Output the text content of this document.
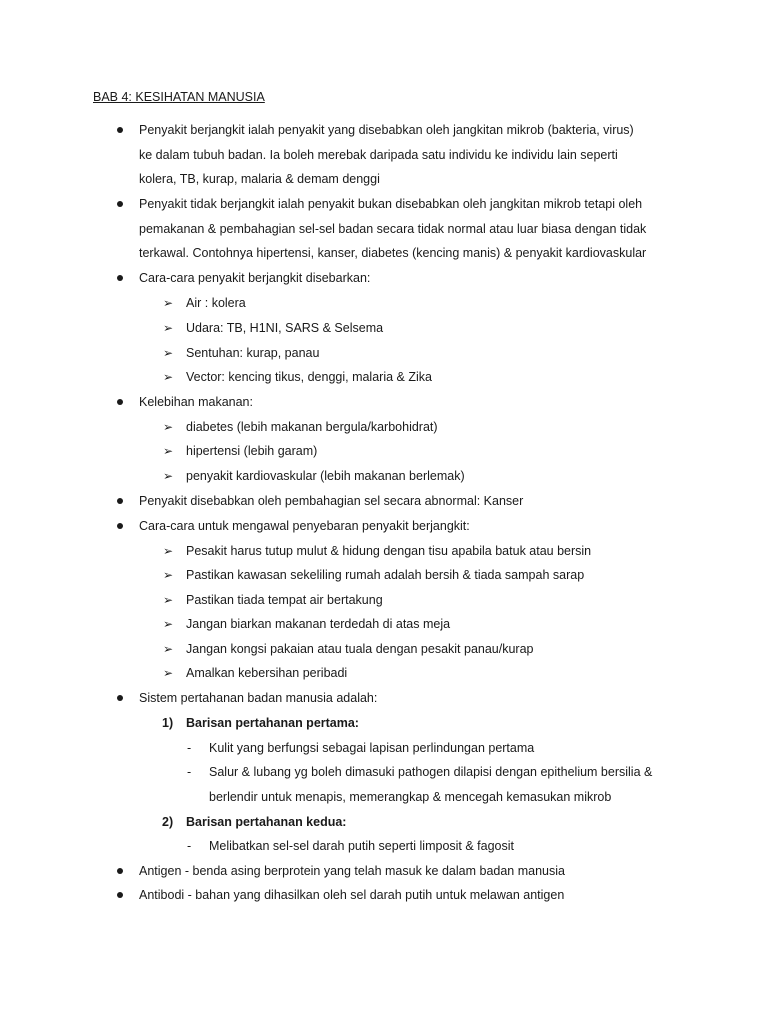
BAB 4: KESIHATAN MANUSIA
Penyakit berjangkit ialah penyakit yang disebabkan oleh jangkitan mikrob (bakteria, virus)
ke dalam tubuh badan. Ia boleh merebak daripada satu individu ke individu lain seperti
kolera, TB, kurap, malaria & demam denggi
Penyakit tidak berjangkit ialah penyakit bukan disebabkan oleh jangkitan mikrob tetapi oleh
pemakanan & pembahagian sel-sel badan secara tidak normal atau luar biasa dengan tidak
terkawal. Contohnya hipertensi, kanser, diabetes (kencing manis) & penyakit kardiovaskular
Cara-cara penyakit berjangkit disebarkan:
➢ Air : kolera
➢ Udara: TB, H1NI, SARS & Selsema
➢ Sentuhan: kurap, panau
➢ Vector: kencing tikus, denggi, malaria & Zika
Kelebihan makanan:
➢ diabetes (lebih makanan bergula/karbohidrat)
➢ hipertensi (lebih garam)
➢ penyakit kardiovaskular (lebih makanan berlemak)
Penyakit disebabkan oleh pembahagian sel secara abnormal: Kanser
Cara-cara untuk mengawal penyebaran penyakit berjangkit:
➢ Pesakit harus tutup mulut & hidung dengan tisu apabila batuk atau bersin
➢ Pastikan kawasan sekeliling rumah adalah bersih & tiada sampah sarap
➢ Pastikan tiada tempat air bertakung
➢ Jangan biarkan makanan terdedah di atas meja
➢ Jangan kongsi pakaian atau tuala dengan pesakit panau/kurap
➢ Amalkan kebersihan peribadi
Sistem pertahanan badan manusia adalah:
1) Barisan pertahanan pertama:
- Kulit yang berfungsi sebagai lapisan perlindungan pertama
- Salur & lubang yg boleh dimasuki pathogen dilapisi dengan epithelium bersilia &
berlendir untuk menapis, memerangkap & mencegah kemasukan mikrob
2) Barisan pertahanan kedua:
- Melibatkan sel-sel darah putih seperti limposit & fagosit
Antigen - benda asing berprotein yang telah masuk ke dalam badan manusia
Antibodi - bahan yang dihasilkan oleh sel darah putih untuk melawan antigen
